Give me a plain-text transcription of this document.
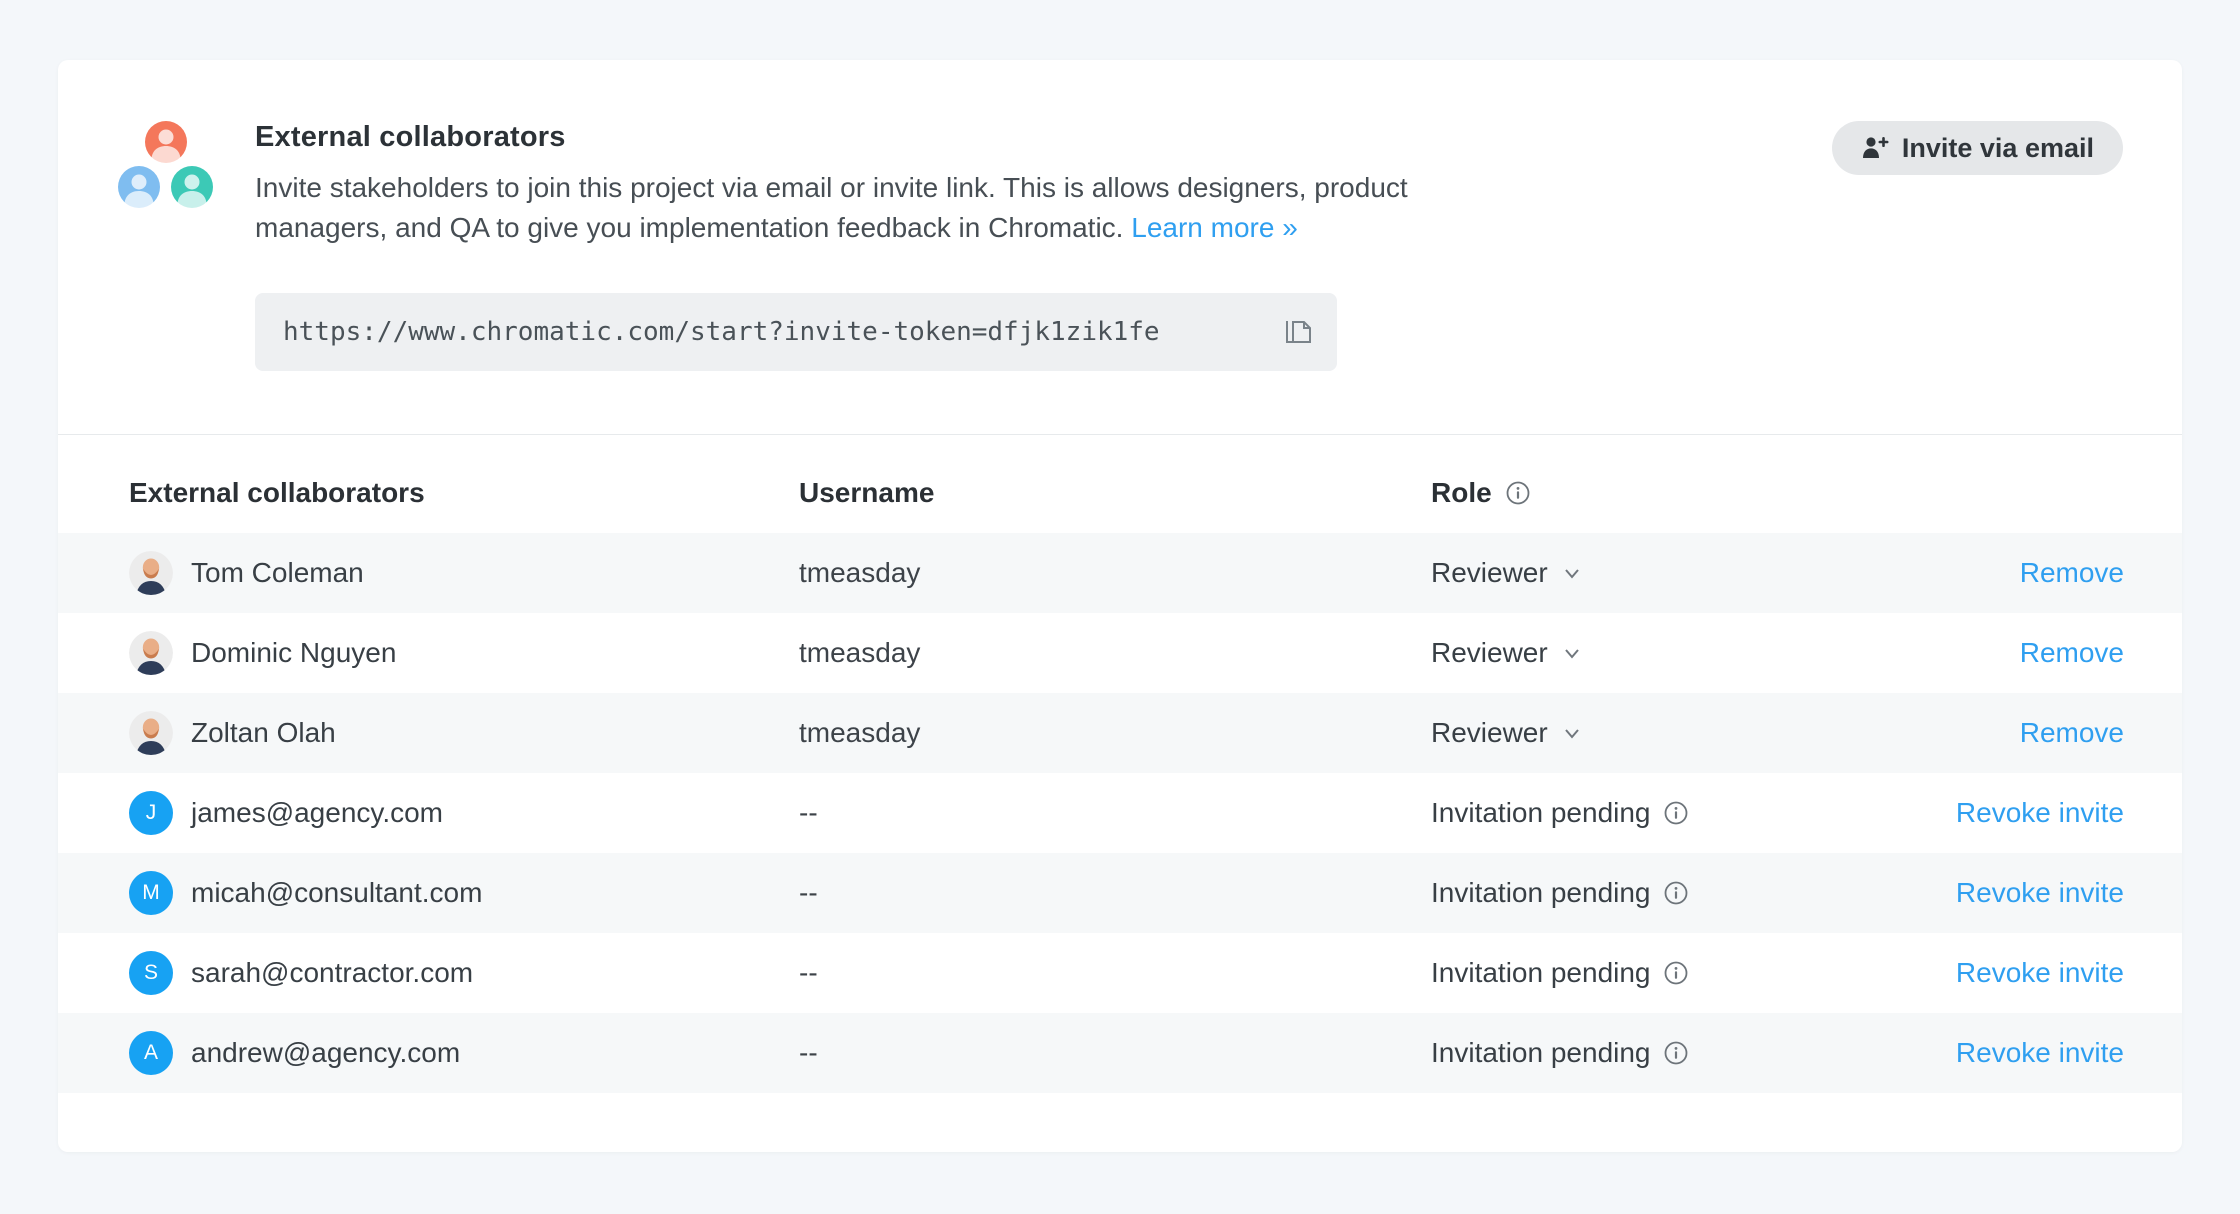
External collaborators

Invite stakeholders to join this project via email or invite link. This is allows designers, product managers, and QA to give you implementation feedback in Chromatic. Learn more »

Invite via email
https://www.chromatic.com/start?invite-token=dfjk1zik1fe
External collaborators	Username	Role
Tom Coleman	tmeasday	Reviewer	Remove
Dominic Nguyen	tmeasday	Reviewer	Remove
Zoltan Olah	tmeasday	Reviewer	Remove
J	james@agency.com	--	Invitation pending	Revoke invite
M	micah@consultant.com	--	Invitation pending	Revoke invite
S	sarah@contractor.com	--	Invitation pending	Revoke invite
A	andrew@agency.com	--	Invitation pending	Revoke invite
